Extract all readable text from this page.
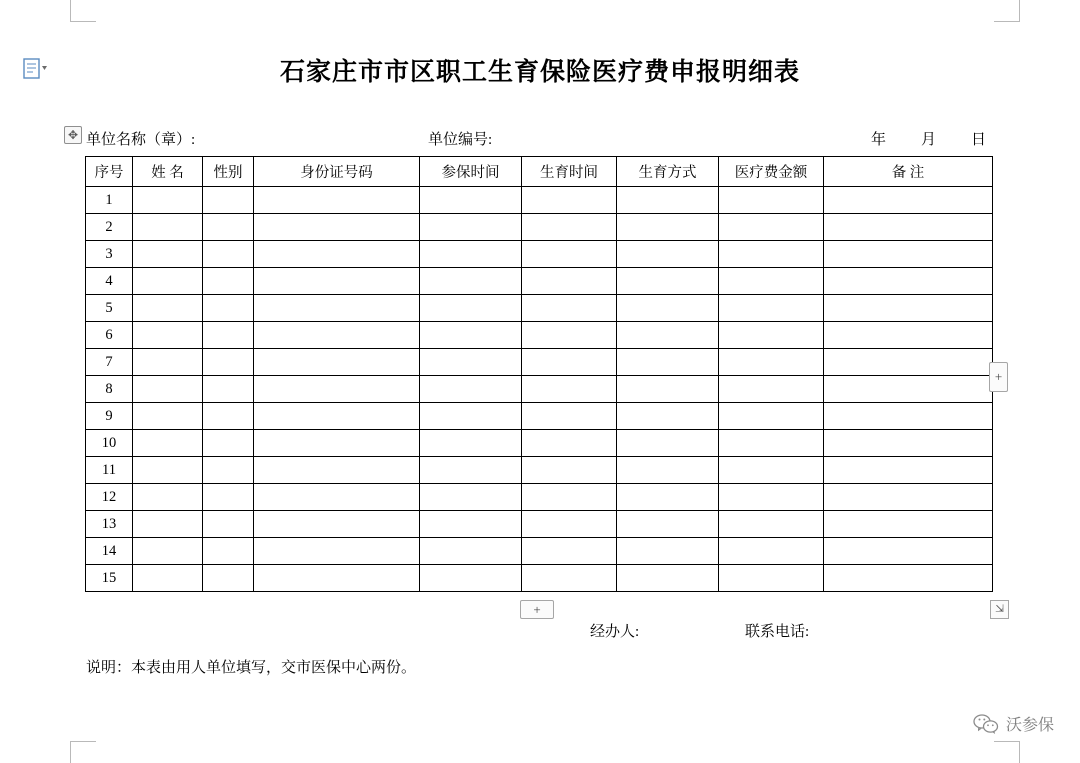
石家庄市市区职工生育保险医疗费申报明细表
✥ 单位名称（章）:	单位编号:	年 月 日
序号	姓 名	性别	身份证号码	参保时间	生育时间	生育方式	医疗费金额	备 注
1								
2								
3								
4								
5								
6								
7								
8								
9								
10								
11								
12								
13								
14								
15								
+
+	⇲
经办人:	联系电话:
说明：本表由用人单位填写，交市医保中心两份。
沃参保
